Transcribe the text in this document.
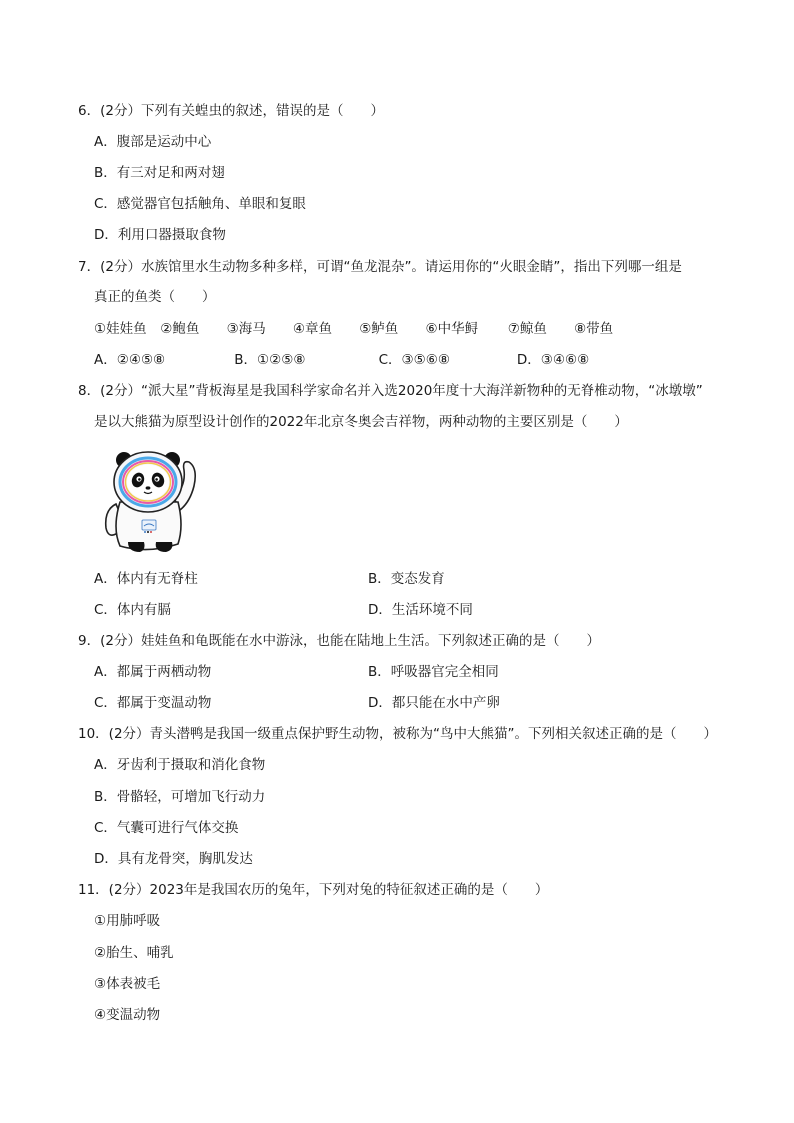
6．(2分）下列有关蝗虫的叙述，错误的是（　　）
A．腹部是运动中心
B．有三对足和两对翅
C．感觉器官包括触角、单眼和复眼
D．利用口器摄取食物
7．(2分）水族馆里水生动物多种多样，可谓“鱼龙混杂”。请运用你的“火眼金睛”，指出下列哪一组是
真正的鱼类（　　）
①娃娃鱼 ②鲍鱼 ③海马 ④章鱼 ⑤鲈鱼 ⑥中华鲟 ⑦鲸鱼 ⑧带鱼
A．②④⑤⑧	B．①②⑤⑧	C．③⑤⑥⑧	D．③④⑥⑧
8．(2分）“派大星”背板海星是我国科学家命名并入选2020年度十大海洋新物种的无脊椎动物，“冰墩墩”
是以大熊猫为原型设计创作的2022年北京冬奥会吉祥物，两种动物的主要区别是（　　）
A．体内有无脊柱	B．变态发育
C．体内有膈	D．生活环境不同
9．(2分）娃娃鱼和龟既能在水中游泳，也能在陆地上生活。下列叙述正确的是（　　）
A．都属于两栖动物	B．呼吸器官完全相同
C．都属于变温动物	D．都只能在水中产卵
10．(2分）青头潜鸭是我国一级重点保护野生动物，被称为“鸟中大熊猫”。下列相关叙述正确的是（　　）
A．牙齿利于摄取和消化食物
B．骨骼轻，可增加飞行动力
C．气囊可进行气体交换
D．具有龙骨突，胸肌发达
11．(2分）2023年是我国农历的兔年，下列对兔的特征叙述正确的是（　　）
①用肺呼吸
②胎生、哺乳
③体表被毛
④变温动物
